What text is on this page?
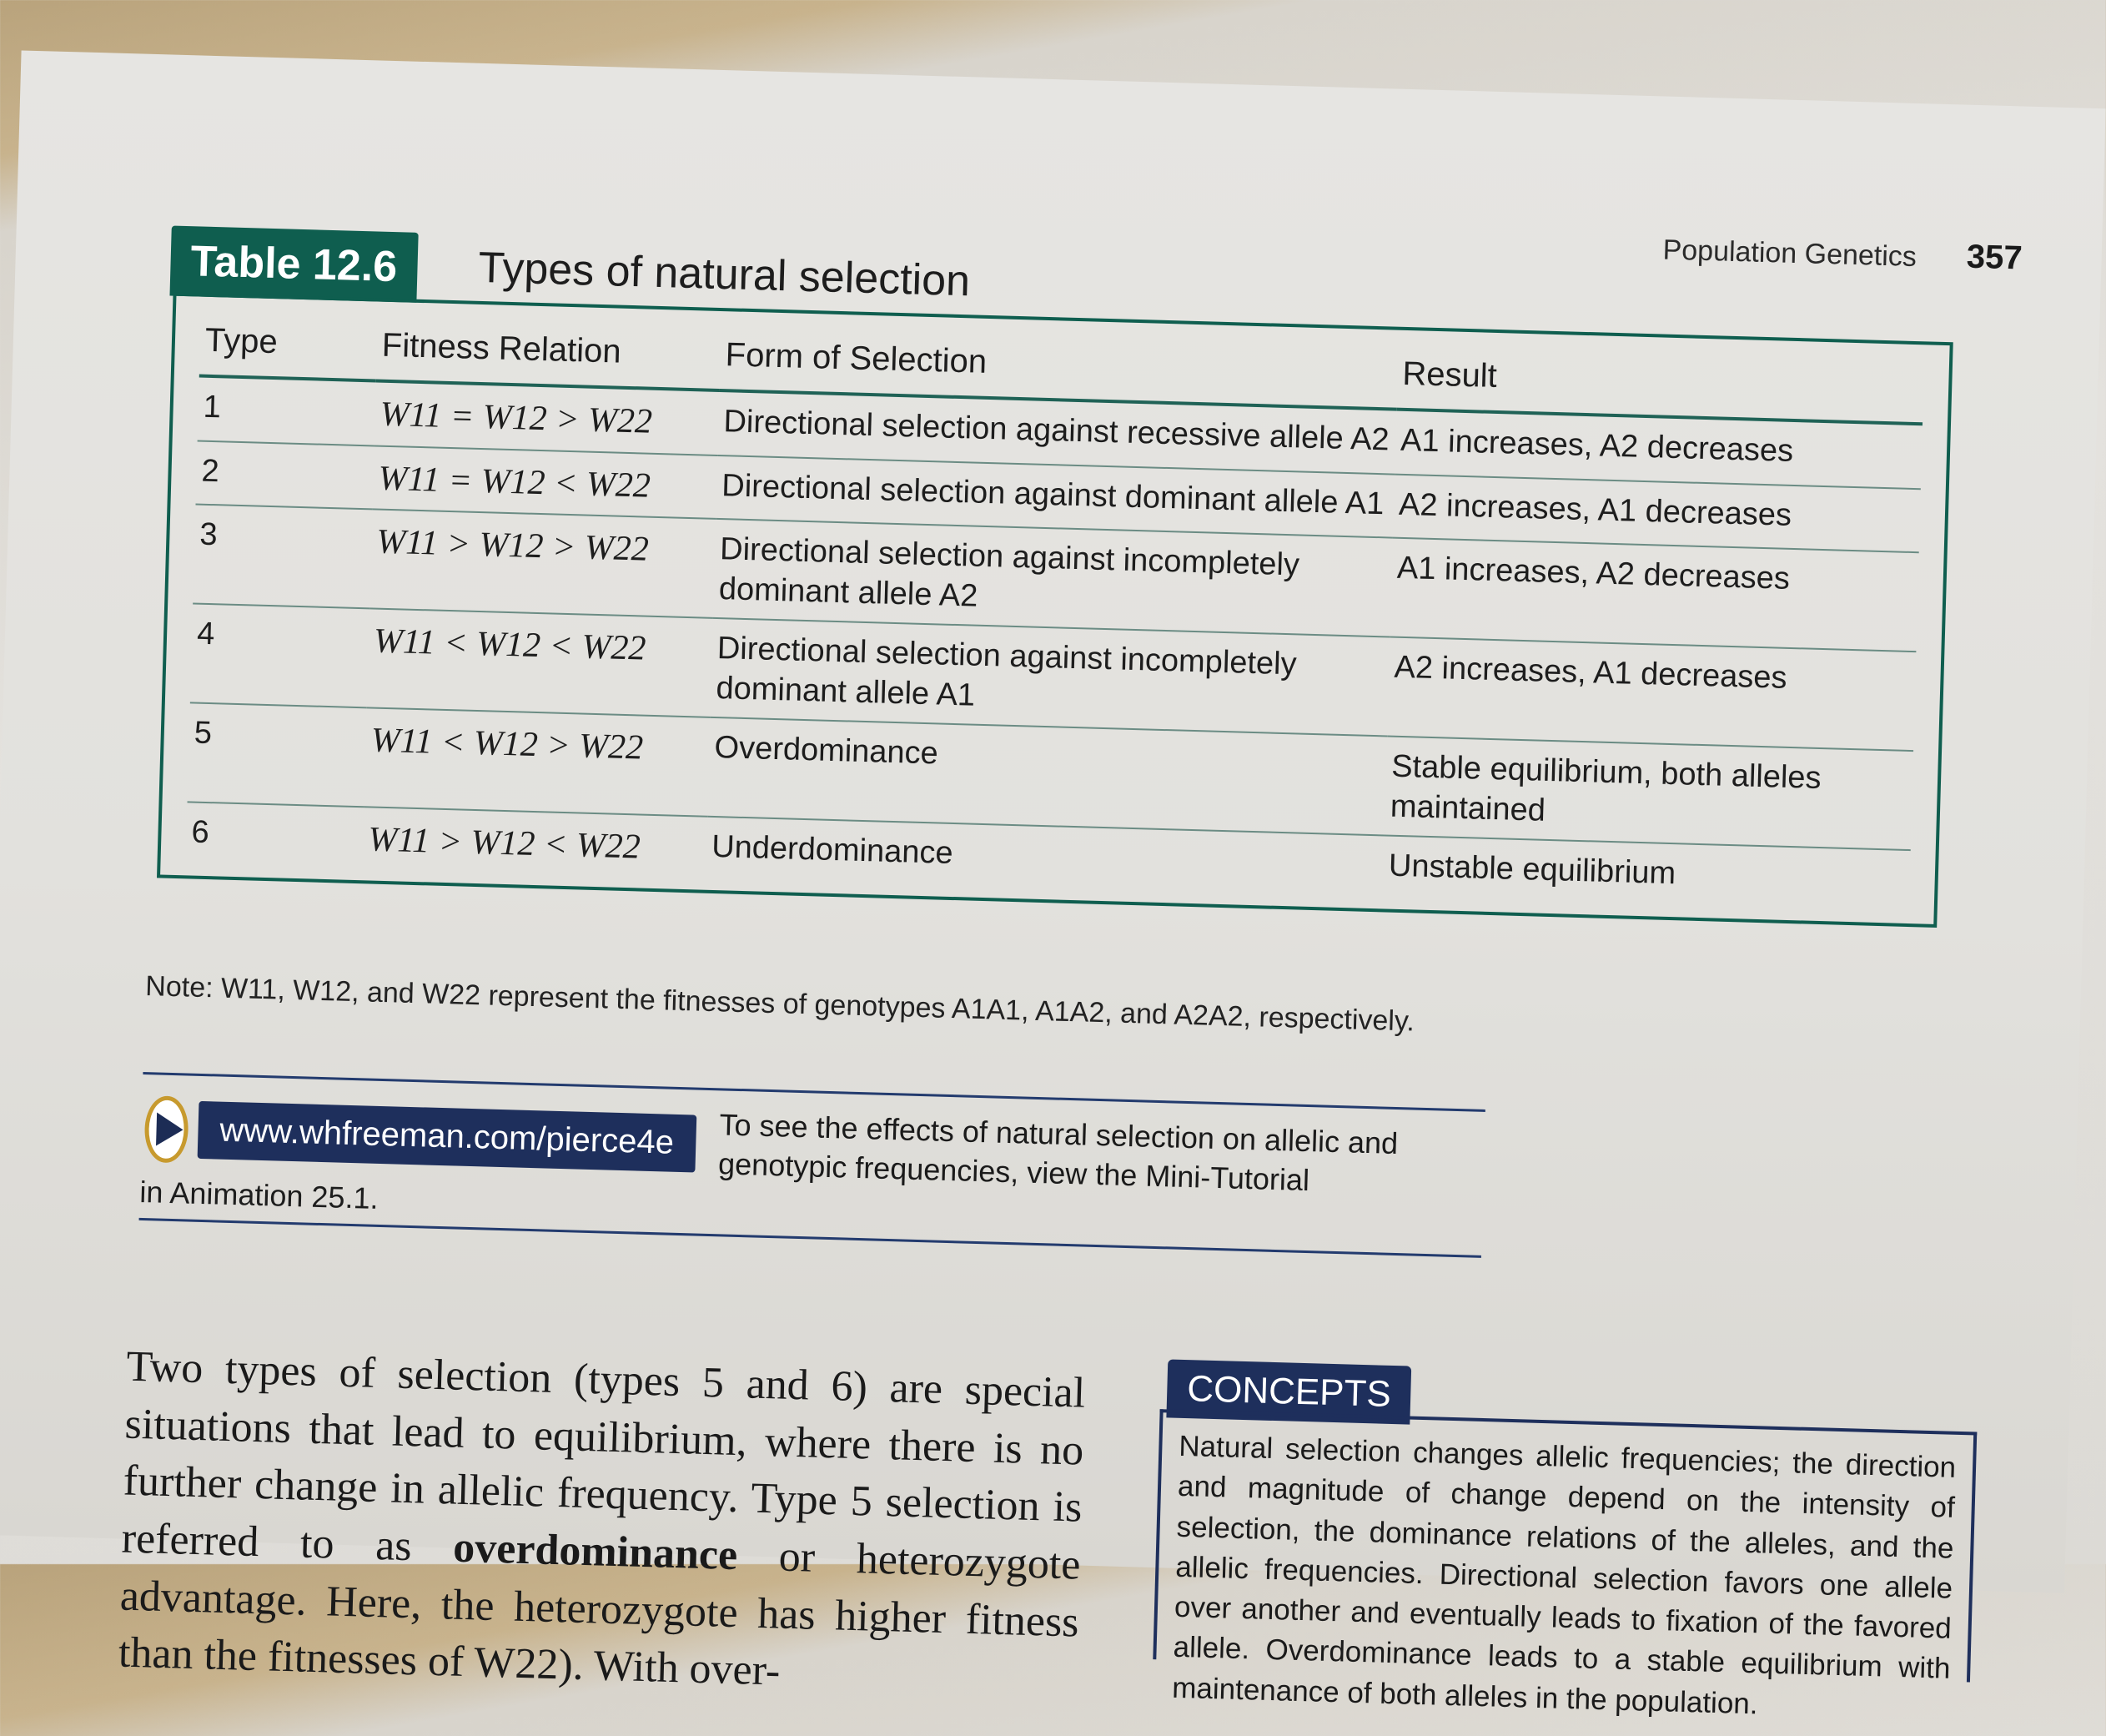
Population Genetics 357
Table 12.6	Types of natural selection
Type	Fitness Relation	Form of Selection	Result
1	W11 = W12 > W22	Directional selection against recessive allele A2	A1 increases, A2 decreases
2	W11 = W12 < W22	Directional selection against dominant allele A1	A2 increases, A1 decreases
3	W11 > W12 > W22	Directional selection against incompletely dominant allele A2	A1 increases, A2 decreases
4	W11 < W12 < W22	Directional selection against incompletely dominant allele A1	A2 increases, A1 decreases
5	W11 < W12 > W22	Overdominance	Stable equilibrium, both alleles maintained
6	W11 > W12 < W22	Underdominance	Unstable equilibrium
Note: W11, W12, and W22 represent the fitnesses of genotypes A1A1, A1A2, and A2A2, respectively.
www.whfreeman.com/pierce4e	To see the effects of natural selection on allelic and genotypic frequencies, view the Mini-Tutorial
in Animation 25.1.
Two types of selection (types 5 and 6) are special situations that lead to equilibrium, where there is no further change in allelic frequency. Type 5 selection is referred to as overdominance or heterozygote advantage. Here, the heterozygote has higher fitness than the fitnesses of W22). With over-
CONCEPTS
Natural selection changes allelic frequencies; the direction and magnitude of change depend on the intensity of selection, the dominance relations of the alleles, and the allelic frequencies. Directional selection favors one allele over another and eventually leads to fixation of the favored allele. Overdominance leads to a stable equilibrium with maintenance of both alleles in the population.
